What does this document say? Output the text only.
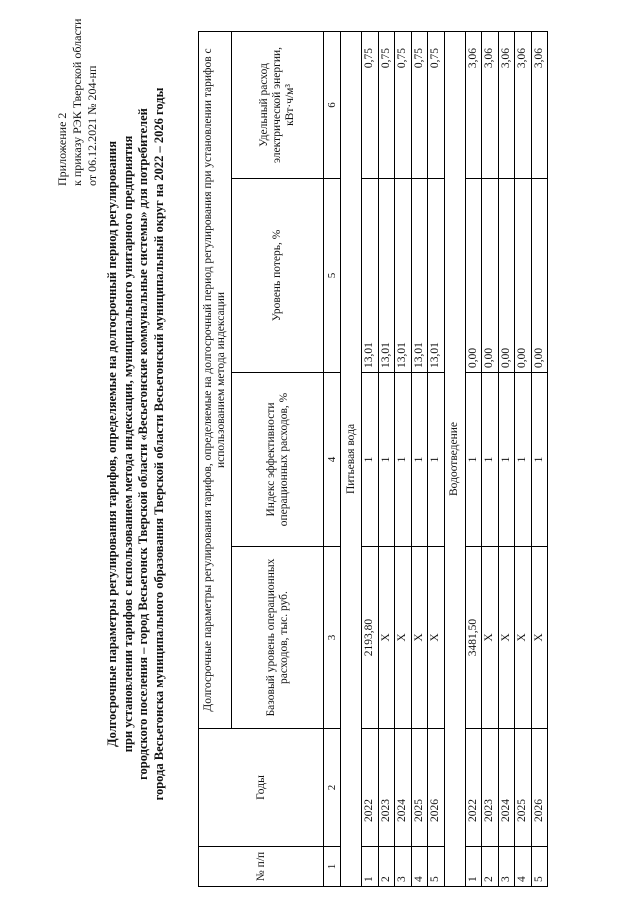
Приложение 2 к приказу РЭК Тверской области от 06.12.2021 № 204-нп
Долгосрочные параметры регулирования тарифов, определяемые на долгосрочный период регулирования при установлении тарифов с использованием метода индексации, муниципального унитарного предприятия городского поселения – город Весьегонск Тверской области «Весьегонские коммунальные системы» для потребителей города Весьегонска муниципального образования Тверской области Весьегонский муниципальный округ на 2022 – 2026 годы
№ п/п	Годы	Долгосрочные параметры регулирования тарифов, определяемые на долгосрочный период регулирования при установлении тарифов с использованием метода индексации			
		Базовый уровень операционных расходов, тыс. руб.	Индекс эффективности операционных расходов, %	Уровень потерь, %	Удельный расход электрической энергии, кВт·ч/м³
1	2	3	4	5	6
Питьевая вода					
1	2022	2193,80	1	13,01	0,75
2	2023	X	1	13,01	0,75
3	2024	X	1	13,01	0,75
4	2025	X	1	13,01	0,75
5	2026	X	1	13,01	0,75
Водоотведение					
1	2022	3481,50	1	0,00	3,06
2	2023	X	1	0,00	3,06
3	2024	X	1	0,00	3,06
4	2025	X	1	0,00	3,06
5	2026	X	1	0,00	3,06
